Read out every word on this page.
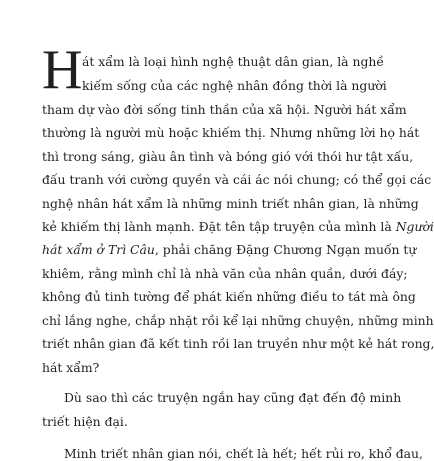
H át xẩm là loại hình nghệ thuật dân gian, là nghề
kiếm sống của các nghệ nhân đồng thời là người
tham dự vào đời sống tinh thần của xã hội. Người hát xẩm
thường là người mù hoặc khiếm thị. Nhưng những lời họ hát
thì trong sáng, giàu ân tình và bóng gió với thói hư tật xấu,
đấu tranh với cường quyền và cái ác nói chung; có thể gọi các
nghệ nhân hát xẩm là những minh triết nhân gian, là những
kẻ khiếm thị lành mạnh. Đặt tên tập truyện của mình là Người
hát xẩm ở Trì Câu, phải chăng Đặng Chương Ngạn muốn tự
khiêm, rằng mình chỉ là nhà văn của nhân quần, dưới đáy;
không đủ tinh tường để phát kiến những điều to tát mà ông
chỉ lắng nghe, chắp nhặt rồi kể lại những chuyện, những minh
triết nhân gian đã kết tinh rồi lan truyền như một kẻ hát rong,
hát xẩm?
Dù sao thì các truyện ngắn hay cũng đạt đến độ minh
triết hiện đại.
Minh triết nhân gian nói, chết là hết; hết rủi ro, khổ đau,
